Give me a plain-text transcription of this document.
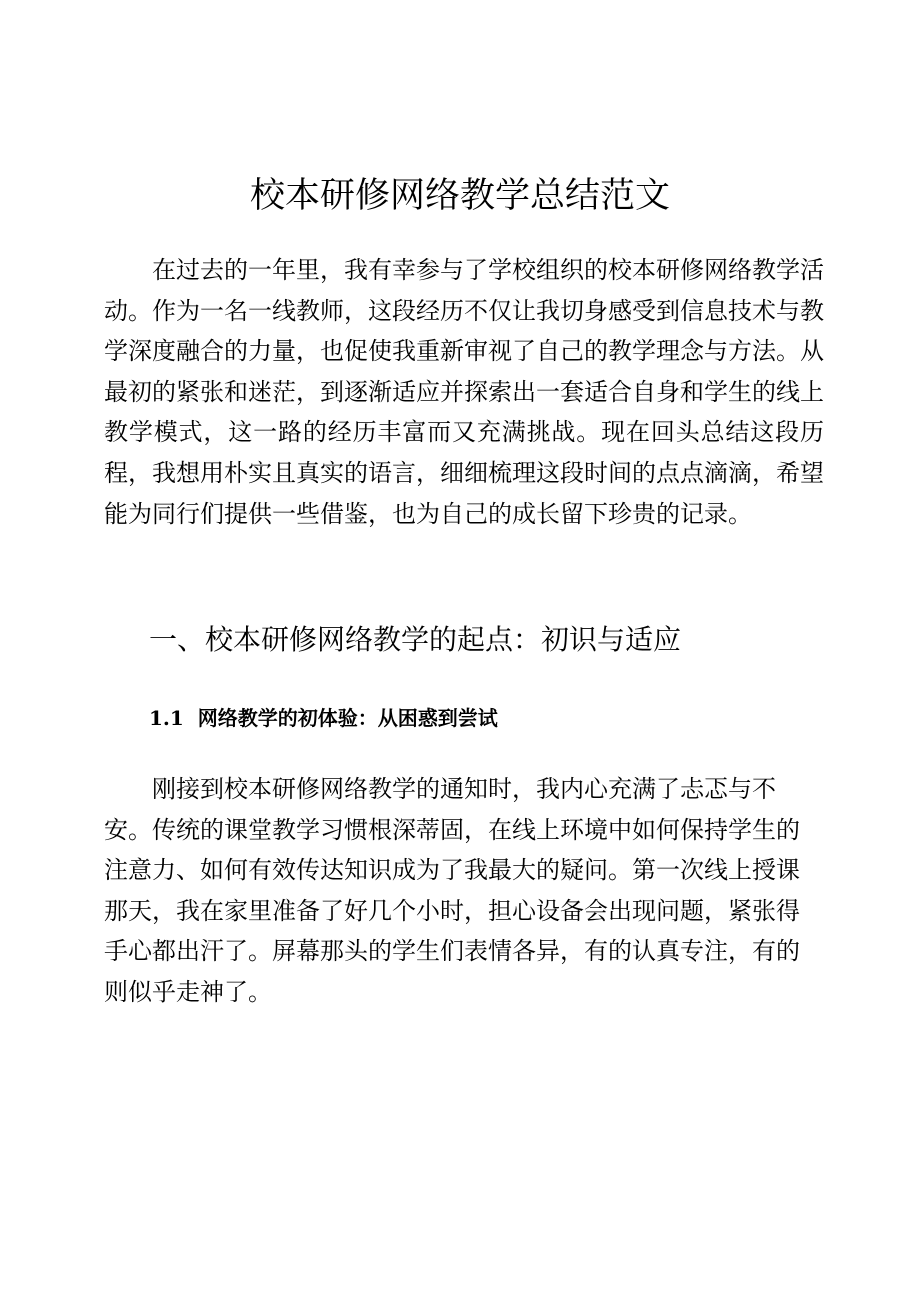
校本研修网络教学总结范文

在过去的一年里，我有幸参与了学校组织的校本研修网络教学活动。作为一名一线教师，这段经历不仅让我切身感受到信息技术与教学深度融合的力量，也促使我重新审视了自己的教学理念与方法。从最初的紧张和迷茫，到逐渐适应并探索出一套适合自身和学生的线上教学模式，这一路的经历丰富而又充满挑战。现在回头总结这段历程，我想用朴实且真实的语言，细细梳理这段时间的点点滴滴，希望能为同行们提供一些借鉴，也为自己的成长留下珍贵的记录。

一、校本研修网络教学的起点：初识与适应
1.1 网络教学的初体验：从困惑到尝试

刚接到校本研修网络教学的通知时，我内心充满了忐忑与不安。传统的课堂教学习惯根深蒂固，在线上环境中如何保持学生的注意力、如何有效传达知识成为了我最大的疑问。第一次线上授课那天，我在家里准备了好几个小时，担心设备会出现问题，紧张得手心都出汗了。屏幕那头的学生们表情各异，有的认真专注，有的则似乎走神了。
